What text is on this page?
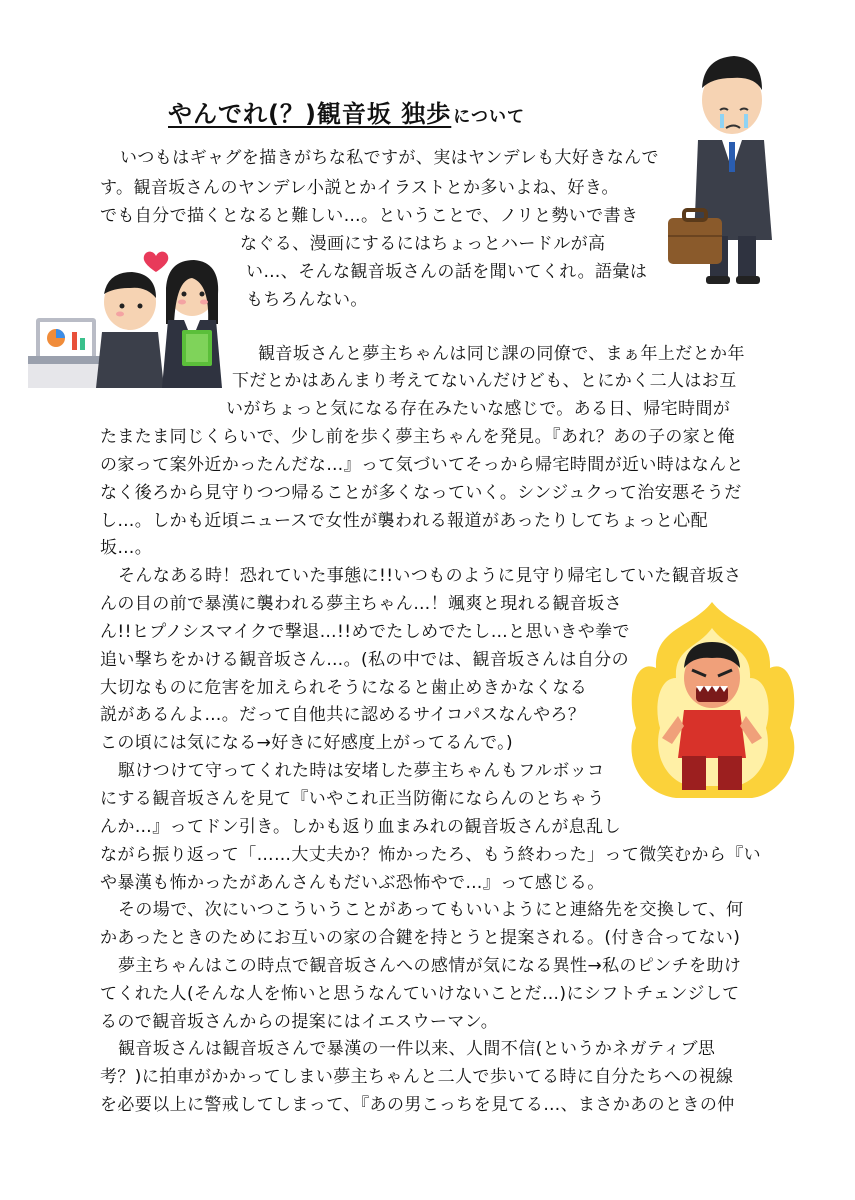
やんでれ(？)観音坂 独歩 について
いつもはギャグを描きがちな私ですが、実はヤンデレも大好きなんで
す。観音坂さんのヤンデレ小説とかイラストとか多いよね、好き。
でも自分で描くとなると難しい…。ということで、ノリと勢いで書き
なぐる、漫画にするにはちょっとハードルが高
い…、そんな観音坂さんの話を聞いてくれ。語彙は
もちろんない。
観音坂さんと夢主ちゃんは同じ課の同僚で、まぁ年上だとか年
下だとかはあんまり考えてないんだけども、とにかく二人はお互
いがちょっと気になる存在みたいな感じで。ある日、帰宅時間が
たまたま同じくらいで、少し前を歩く夢主ちゃんを発見。『あれ？あの子の家と俺
の家って案外近かったんだな…』って気づいてそっから帰宅時間が近い時はなんと
なく後ろから見守りつつ帰ることが多くなっていく。シンジュクって治安悪そうだ
し…。しかも近頃ニュースで女性が襲われる報道があったりしてちょっと心配
坂…。
そんなある時！恐れていた事態に!!いつものように見守り帰宅していた観音坂さ
んの目の前で暴漢に襲われる夢主ちゃん…！颯爽と現れる観音坂さ
ん!!ヒプノシスマイクで撃退…!!めでたしめでたし…と思いきや拳で
追い撃ちをかける観音坂さん…。(私の中では、観音坂さんは自分の
大切なものに危害を加えられそうになると歯止めきかなくなる
説があるんよ…。だって自他共に認めるサイコパスなんやろ？
この頃には気になる→好きに好感度上がってるんで。)
駆けつけて守ってくれた時は安堵した夢主ちゃんもフルボッコ
にする観音坂さんを見て『いやこれ正当防衛にならんのとちゃう
んか…』ってドン引き。しかも返り血まみれの観音坂さんが息乱し
ながら振り返って「……大丈夫か？怖かったろ、もう終わった」って微笑むから『い
や暴漢も怖かったがあんさんもだいぶ恐怖やで…』って感じる。
その場で、次にいつこういうことがあってもいいようにと連絡先を交換して、何
かあったときのためにお互いの家の合鍵を持とうと提案される。(付き合ってない)
夢主ちゃんはこの時点で観音坂さんへの感情が気になる異性→私のピンチを助け
てくれた人(そんな人を怖いと思うなんていけないことだ…)にシフトチェンジして
るので観音坂さんからの提案にはイエスウーマン。
観音坂さんは観音坂さんで暴漢の一件以来、人間不信(というかネガティブ思
考？)に拍車がかかってしまい夢主ちゃんと二人で歩いてる時に自分たちへの視線
を必要以上に警戒してしまって、『あの男こっちを見てる…、まさかあのときの仲
